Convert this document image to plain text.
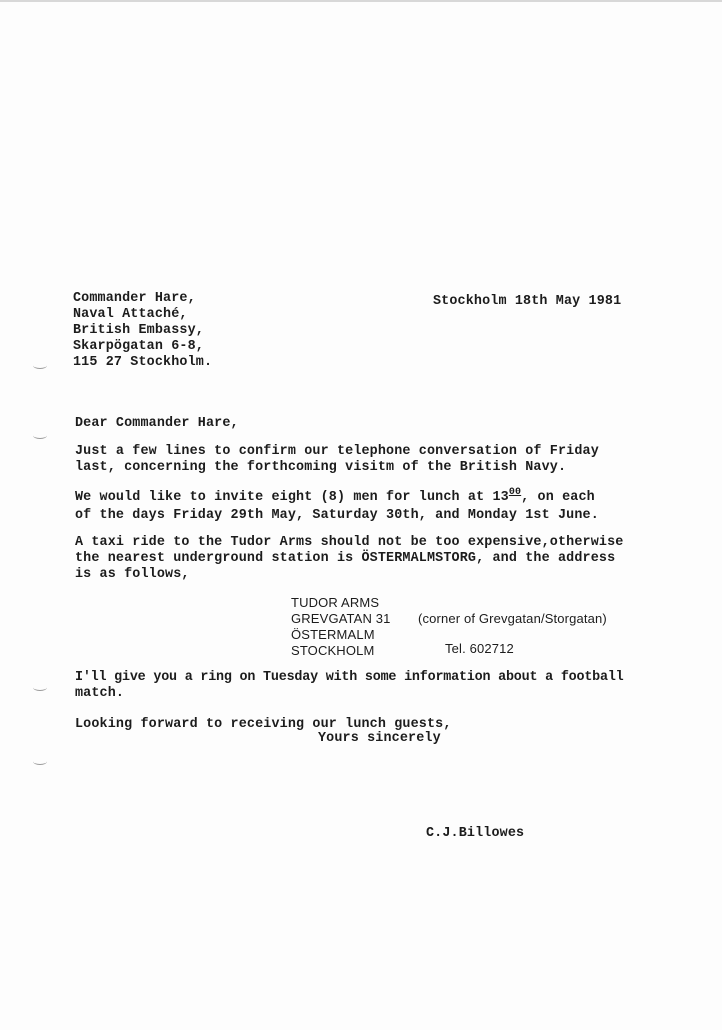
Stockholm 18th May 1981
Commander Hare,
Naval Attaché,
British Embassy,
Skarpögatan 6-8,
115 27 Stockholm.
Dear Commander Hare,
Just a few lines to confirm our telephone conversation of Friday
last, concerning the forthcoming visitm of the British Navy.
We would like to invite eight (8) men for lunch at $13^{00}$, on each
of the days Friday 29th May, Saturday 30th, and Monday 1st June.
A taxi ride to the Tudor Arms should not be too expensive,otherwise
the nearest underground station is ÖSTERMALMSTORG, and the address
is as follows,
TUDOR ARMS
GREVGATAN 31 (corner of Grevgatan/Storgatan)
ÖSTERMALM
STOCKHOLM	Tel. 602712
I'll give you a ring on Tuesday with some information about a football
match.
Looking forward to receiving our lunch guests,
Yours sincerely
C.J.Billowes
